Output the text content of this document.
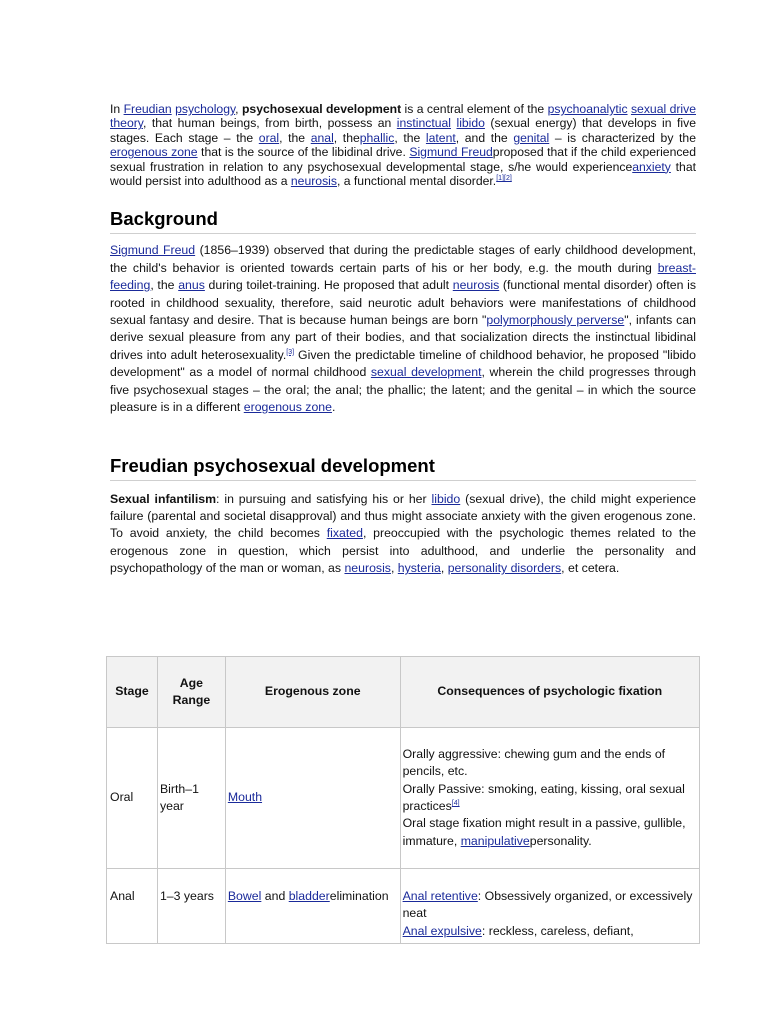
In Freudian psychology, psychosexual development is a central element of the psychoanalytic sexual drive theory, that human beings, from birth, possess an instinctual libido (sexual energy) that develops in five stages. Each stage – the oral, the anal, thephallic, the latent, and the genital – is characterized by the erogenous zone that is the source of the libidinal drive. Sigmund Freudproposed that if the child experienced sexual frustration in relation to any psychosexual developmental stage, s/he would experienceanxiety that would persist into adulthood as a neurosis, a functional mental disorder.[1][2]

Background

Sigmund Freud (1856–1939) observed that during the predictable stages of early childhood development, the child's behavior is oriented towards certain parts of his or her body, e.g. the mouth during breast-feeding, the anus during toilet-training. He proposed that adult neurosis (functional mental disorder) often is rooted in childhood sexuality, therefore, said neurotic adult behaviors were manifestations of childhood sexual fantasy and desire. That is because human beings are born "polymorphously perverse", infants can derive sexual pleasure from any part of their bodies, and that socialization directs the instinctual libidinal drives into adult heterosexuality.[3] Given the predictable timeline of childhood behavior, he proposed "libido development" as a model of normal childhood sexual development, wherein the child progresses through five psychosexual stages – the oral; the anal; the phallic; the latent; and the genital – in which the source pleasure is in a different erogenous zone.

Freudian psychosexual development

Sexual infantilism: in pursuing and satisfying his or her libido (sexual drive), the child might experience failure (parental and societal disapproval) and thus might associate anxiety with the given erogenous zone. To avoid anxiety, the child becomes fixated, preoccupied with the psychologic themes related to the erogenous zone in question, which persist into adulthood, and underlie the personality and psychopathology of the man or woman, as neurosis, hysteria, personality disorders, et cetera.

Stage	Age Range	Erogenous zone	Consequences of psychologic fixation
Oral	Birth–1 year	Mouth	Orally aggressive: chewing gum and the ends of pencils, etc.
Orally Passive: smoking, eating, kissing, oral sexual practices[4]
Oral stage fixation might result in a passive, gullible, immature, manipulativepersonality.

Anal	1–3 years	Bowel and bladderelimination	Anal retentive: Obsessively organized, or excessively neat
Anal expulsive: reckless, careless, defiant,
